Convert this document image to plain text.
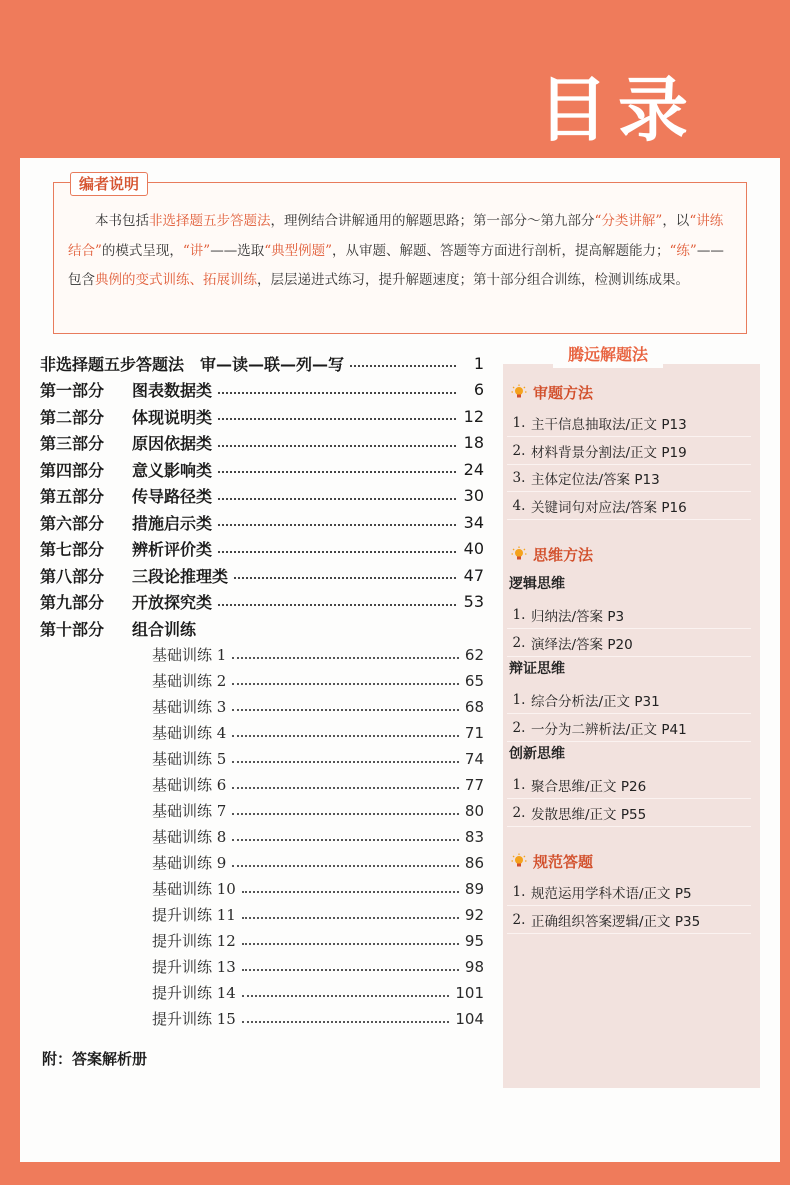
目录
编者说明

本书包括非选择题五步答题法，理例结合讲解通用的解题思路；第一部分～第九部分“分类讲解”，以“讲练结合”的模式呈现，“讲”——选取“典型例题”，从审题、解题、答题等方面进行剖析，提高解题能力；“练”——包含典例的变式训练、拓展训练，层层递进式练习，提升解题速度；第十部分组合训练，检测训练成果。

非选择题五步答题法　审—读—联—列—写	1
第一部分	图表数据类	6
第二部分	体现说明类	12
第三部分	原因依据类	18
第四部分	意义影响类	24
第五部分	传导路径类	30
第六部分	措施启示类	34
第七部分	辨析评价类	40
第八部分	三段论推理类	47
第九部分	开放探究类	53
第十部分	组合训练
基础训练 1	62
基础训练 2	65
基础训练 3	68
基础训练 4	71
基础训练 5	74
基础训练 6	77
基础训练 7	80
基础训练 8	83
基础训练 9	86
基础训练 10	89
提升训练 11	92
提升训练 12	95
提升训练 13	98
提升训练 14	101
提升训练 15	104
附：答案解析册
腾远解题法
审题方法
1. 主干信息抽取法/正文 P13
2. 材料背景分割法/正文 P19
3. 主体定位法/答案 P13
4. 关键词句对应法/答案 P16
思维方法
逻辑思维
1. 归纳法/答案 P3
2. 演绎法/答案 P20
辩证思维
1. 综合分析法/正文 P31
2. 一分为二辨析法/正文 P41
创新思维
1. 聚合思维/正文 P26
2. 发散思维/正文 P55
规范答题
1. 规范运用学科术语/正文 P5
2. 正确组织答案逻辑/正文 P35
